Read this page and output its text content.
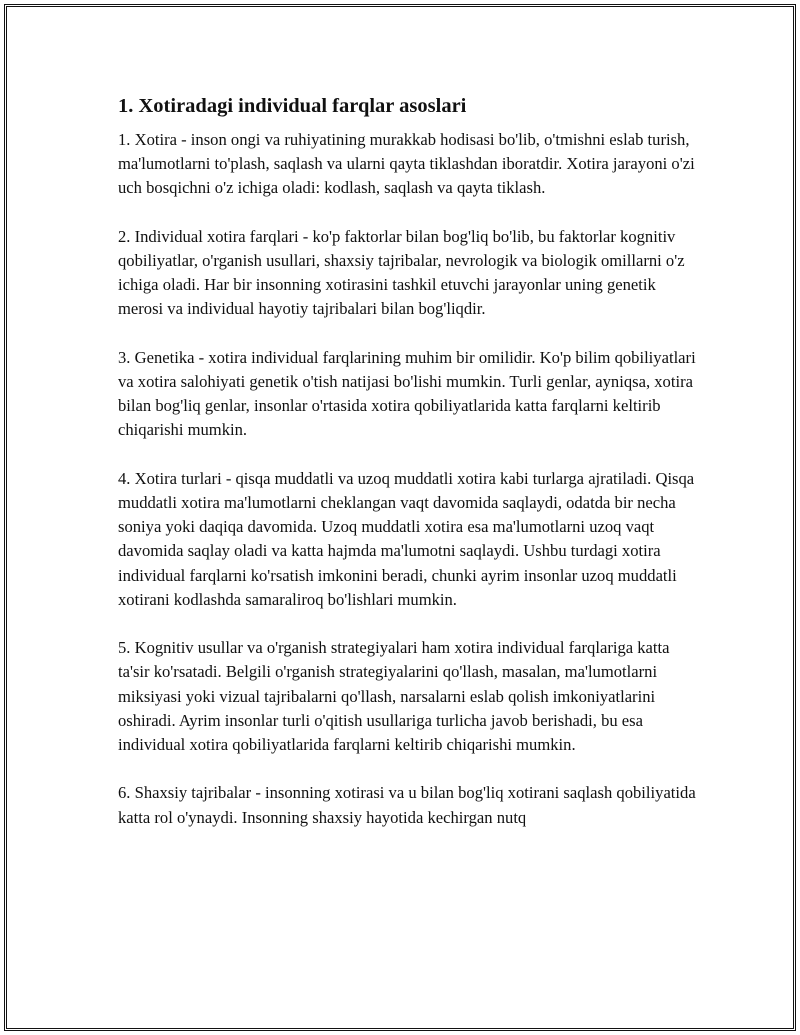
1. Xotiradagi individual farqlar asoslari

1. Xotira - inson ongi va ruhiyatining murakkab hodisasi bo'lib, o'tmishni eslab turish, ma'lumotlarni to'plash, saqlash va ularni qayta tiklashdan iboratdir. Xotira jarayoni o'zi uch bosqichni o'z ichiga oladi: kodlash, saqlash va qayta tiklash.

2. Individual xotira farqlari - ko'p faktorlar bilan bog'liq bo'lib, bu faktorlar kognitiv qobiliyatlar, o'rganish usullari, shaxsiy tajribalar, nevrologik va biologik omillarni o'z ichiga oladi. Har bir insonning xotirasini tashkil etuvchi jarayonlar uning genetik merosi va individual hayotiy tajribalari bilan bog'liqdir.

3. Genetika - xotira individual farqlarining muhim bir omilidir. Ko'p bilim qobiliyatlari va xotira salohiyati genetik o'tish natijasi bo'lishi mumkin. Turli genlar, ayniqsa, xotira bilan bog'liq genlar, insonlar o'rtasida xotira qobiliyatlarida katta farqlarni keltirib chiqarishi mumkin.

4. Xotira turlari - qisqa muddatli va uzoq muddatli xotira kabi turlarga ajratiladi. Qisqa muddatli xotira ma'lumotlarni cheklangan vaqt davomida saqlaydi, odatda bir necha soniya yoki daqiqa davomida. Uzoq muddatli xotira esa ma'lumotlarni uzoq vaqt davomida saqlay oladi va katta hajmda ma'lumotni saqlaydi. Ushbu turdagi xotira individual farqlarni ko'rsatish imkonini beradi, chunki ayrim insonlar uzoq muddatli xotirani kodlashda samaraliroq bo'lishlari mumkin.

5. Kognitiv usullar va o'rganish strategiyalari ham xotira individual farqlariga katta ta'sir ko'rsatadi. Belgili o'rganish strategiyalarini qo'llash, masalan, ma'lumotlarni miksiyasi yoki vizual tajribalarni qo'llash, narsalarni eslab qolish imkoniyatlarini oshiradi. Ayrim insonlar turli o'qitish usullariga turlicha javob berishadi, bu esa individual xotira qobiliyatlarida farqlarni keltirib chiqarishi mumkin.

6. Shaxsiy tajribalar - insonning xotirasi va u bilan bog'liq xotirani saqlash qobiliyatida katta rol o'ynaydi. Insonning shaxsiy hayotida kechirgan nutq
